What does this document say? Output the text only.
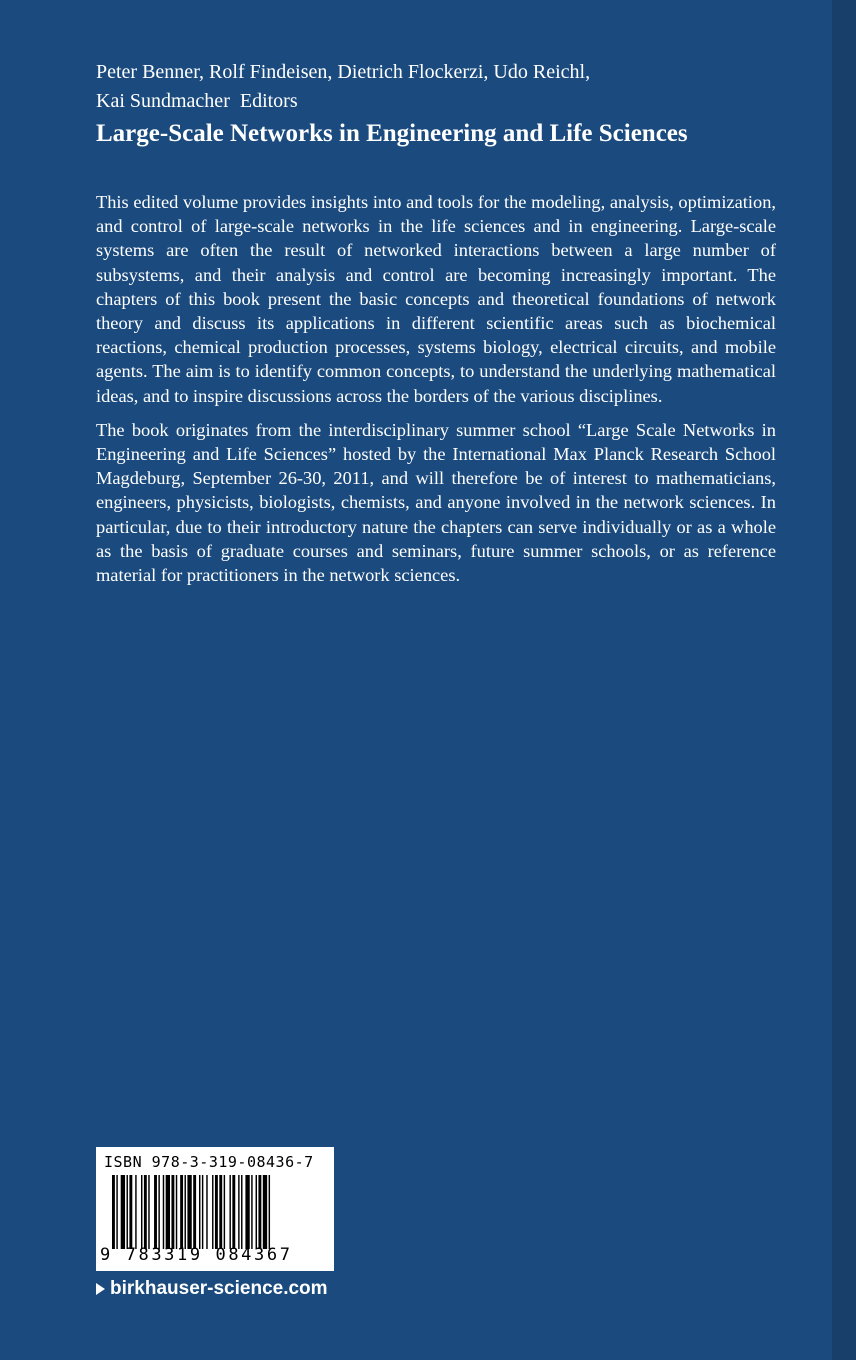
Peter Benner, Rolf Findeisen, Dietrich Flockerzi, Udo Reichl,
Kai Sundmacher  Editors
Large-Scale Networks in Engineering and Life Sciences

This edited volume provides insights into and tools for the modeling, analysis, optimization, and control of large-scale networks in the life sciences and in engineering. Large-scale systems are often the result of networked interactions between a large number of subsystems, and their analysis and control are becoming increasingly important. The chapters of this book present the basic concepts and theoretical foundations of network theory and discuss its applications in different scientific areas such as biochemical reactions, chemical production processes, systems biology, electrical circuits, and mobile agents. The aim is to identify common concepts, to understand the underlying mathematical ideas, and to inspire discussions across the borders of the various disciplines.

The book originates from the interdisciplinary summer school “Large Scale Networks in Engineering and Life Sciences” hosted by the International Max Planck Research School Magdeburg, September 26-30, 2011, and will therefore be of interest to mathematicians, engineers, physicists, biologists, chemists, and anyone involved in the network sciences. In particular, due to their introductory nature the chapters can serve individually or as a whole as the basis of graduate courses and seminars, future summer schools, or as reference material for practitioners in the network sciences.

ISBN 978-3-319-08436-7
9 783319 084367
birkhauser-science.com
